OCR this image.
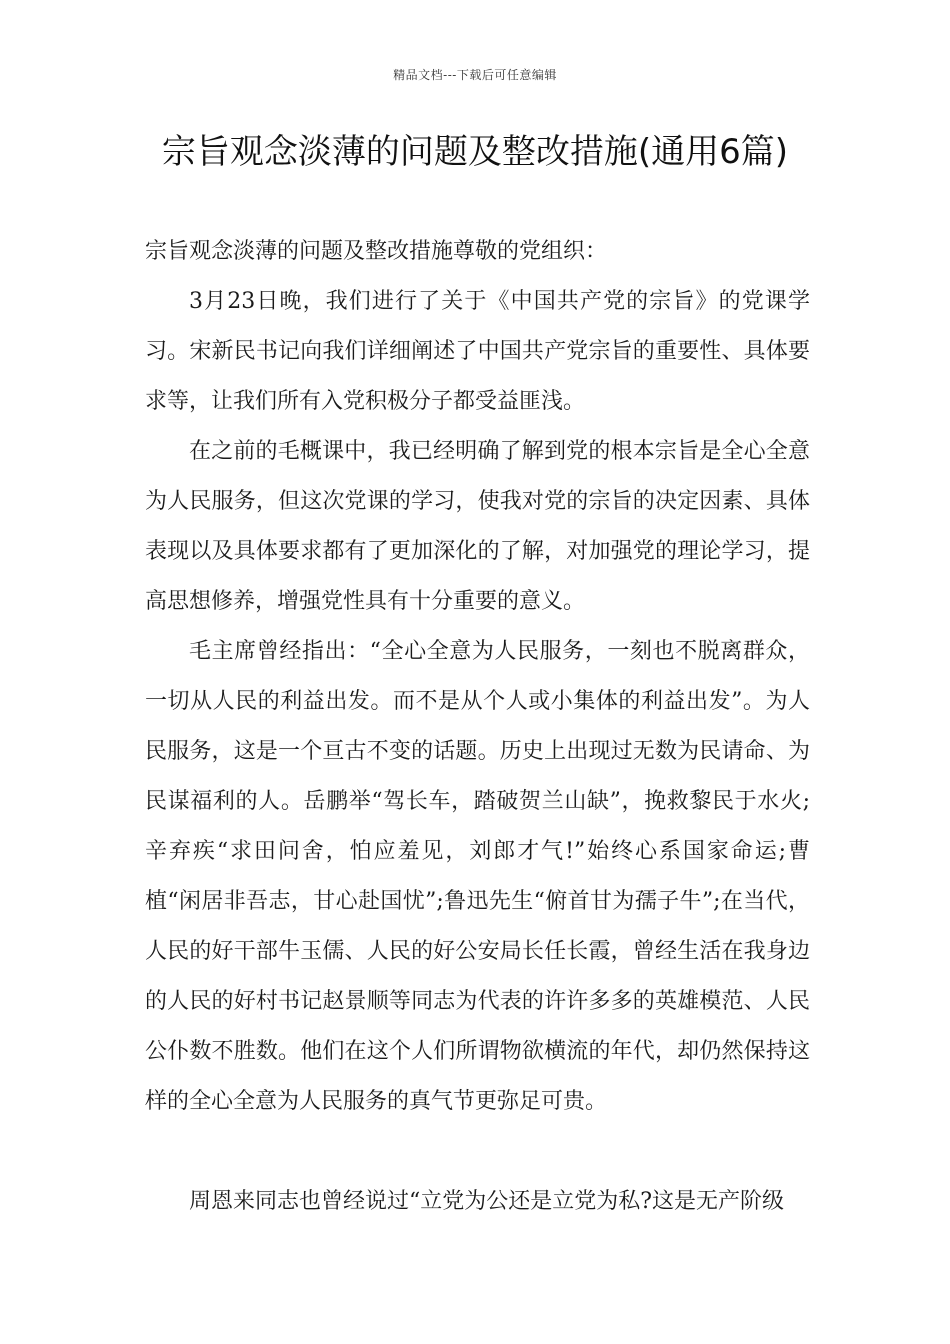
精品文档---下载后可任意编辑
宗旨观念淡薄的问题及整改措施(通用6篇)

宗旨观念淡薄的问题及整改措施尊敬的党组织：

3月23日晚，我们进行了关于《中国共产党的宗旨》的党课学习。宋新民书记向我们详细阐述了中国共产党宗旨的重要性、具体要求等，让我们所有入党积极分子都受益匪浅。

在之前的毛概课中，我已经明确了解到党的根本宗旨是全心全意为人民服务，但这次党课的学习，使我对党的宗旨的决定因素、具体表现以及具体要求都有了更加深化的了解，对加强党的理论学习，提高思想修养，增强党性具有十分重要的意义。

毛主席曾经指出：“全心全意为人民服务，一刻也不脱离群众，一切从人民的利益出发。而不是从个人或小集体的利益出发”。为人民服务，这是一个亘古不变的话题。历史上出现过无数为民请命、为民谋福利的人。岳鹏举“驾长车，踏破贺兰山缺”，挽救黎民于水火;辛弃疾“求田问舍，怕应羞见，刘郎才气!”始终心系国家命运;曹植“闲居非吾志，甘心赴国忧”;鲁迅先生“俯首甘为孺子牛”;在当代，人民的好干部牛玉儒、人民的好公安局长任长霞，曾经生活在我身边的人民的好村书记赵景顺等同志为代表的许许多多的英雄模范、人民公仆数不胜数。他们在这个人们所谓物欲横流的年代，却仍然保持这样的全心全意为人民服务的真气节更弥足可贵。

周恩来同志也曾经说过“立党为公还是立党为私?这是无产阶级
